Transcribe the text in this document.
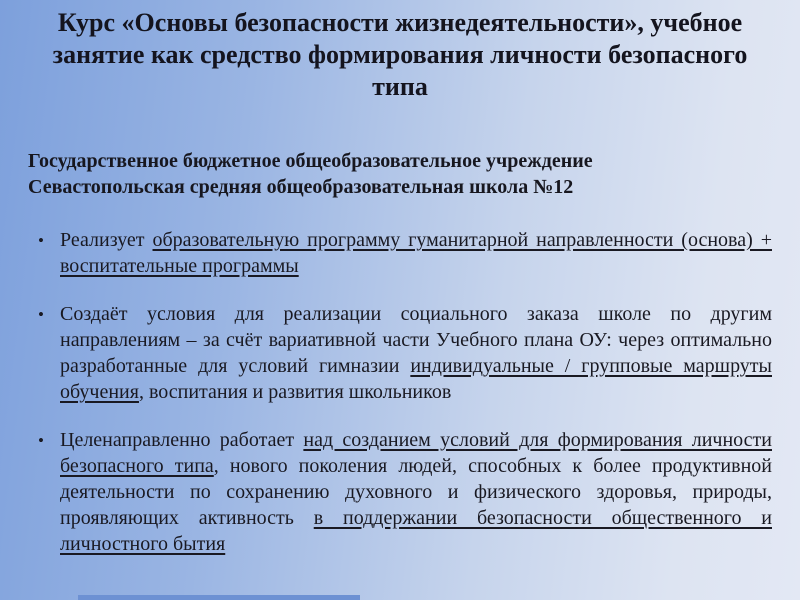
Курс «Основы безопасности жизнедеятельности», учебное занятие как средство формирования личности безопасного типа
Государственное бюджетное общеобразовательное учреждение
Севастопольская средняя общеобразовательная школа №12
• Реализует образовательную программу гуманитарной направленности (основа) + воспитательные программы

• Создаёт условия для реализации социального заказа школе по другим направлениям – за счёт вариативной части Учебного плана ОУ: через оптимально разработанные для условий гимназии индивидуальные / групповые маршруты обучения, воспитания и развития школьников

• Целенаправленно работает над созданием условий для формирования личности безопасного типа, нового поколения людей, способных к более продуктивной деятельности по сохранению духовного и физического здоровья, природы, проявляющих активность в поддержании безопасности общественного и личностного бытия
